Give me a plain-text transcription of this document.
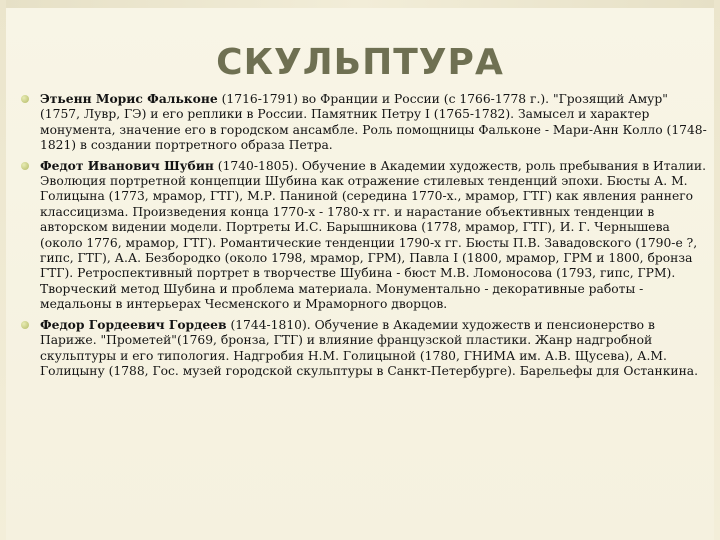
СКУЛЬПТУРА

Этьенн Морис Фальконе (1716-1791) во Франции и России (с 1766-1778 г.). "Грозящий Амур" (1757, Лувр, ГЭ) и его реплики в России. Памятник Петру I (1765-1782). Замысел и характер монумента, значение его в городском ансамбле. Роль помощницы Фальконе - Мари-Анн Колло (1748-1821) в создании портретного образа Петра.

Федот Иванович Шубин (1740-1805). Обучение в Академии художеств, роль пребывания в Италии. Эволюция портретной концепции Шубина как отражение стилевых тенденций эпохи. Бюсты А. М. Голицына (1773, мрамор, ГТГ), М.Р. Паниной (середина 1770-х., мрамор, ГТГ) как явления раннего классицизма. Произведения конца 1770-х - 1780-х гг. и нарастание объективных тенденции в авторском видении модели. Портреты И.С. Барышникова (1778, мрамор, ГТГ), И. Г. Чернышева (около 1776, мрамор, ГТГ). Романтические тенденции 1790-х гг. Бюсты П.В. Завадовского (1790-е ?, гипс, ГТГ), А.А. Безбородко (около 1798, мрамор, ГРМ), Павла I (1800, мрамор, ГРМ и 1800, бронза ГТГ). Ретроспективный портрет в творчестве Шубина - бюст М.В. Ломоносова (1793, гипс, ГРМ). Творческий метод Шубина и проблема материала. Монументально - декоративные работы - медальоны в интерьерах Чесменского и Мраморного дворцов.

Федор Гордеевич Гордеев (1744-1810). Обучение в Академии художеств и пенсионерство в Париже. "Прометей"(1769, бронза, ГТГ) и влияние французской пластики. Жанр надгробной скульптуры и его типология. Надгробия Н.М. Голицыной (1780, ГНИМА им. А.В. Щусева), А.М. Голицыну (1788, Гос. музей городской скульптуры в Санкт-Петербурге). Барельефы для Останкина.
